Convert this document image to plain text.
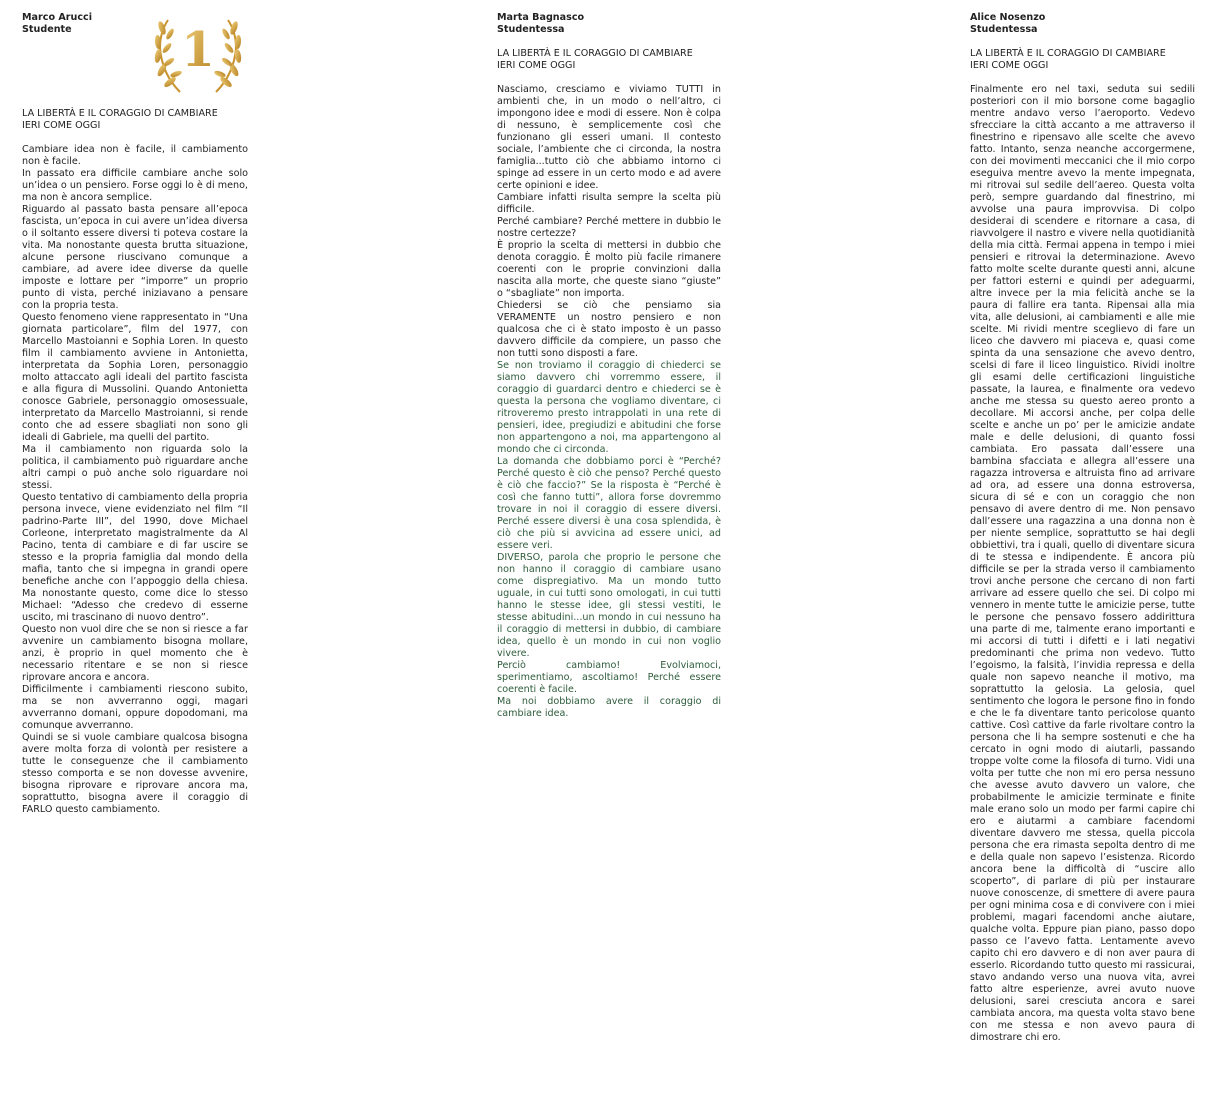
1
Marco Arucci
Studente
LA LIBERTÀ E IL CORAGGIO DI CAMBIARE
IERI COME OGGI

Cambiare idea non è facile, il cambiamento non è facile.

In passato era difficile cambiare anche solo un’idea o un pensiero. Forse oggi lo è di meno, ma non è ancora semplice.

Riguardo al passato basta pensare all’epoca fascista, un’epoca in cui avere un’idea diversa o il soltanto essere diversi ti poteva costare la vita. Ma nonostante questa brutta situazione, alcune persone riuscivano comunque a cambiare, ad avere idee diverse da quelle imposte e lottare per “imporre” un proprio punto di vista, perché iniziavano a pensare con la propria testa.

Questo fenomeno viene rappresentato in “Una giornata particolare”, film del 1977, con Marcello Mastoianni e Sophia Loren. In questo film il cambiamento avviene in Antonietta, interpretata da Sophia Loren, personaggio molto attaccato agli ideali del partito fascista e alla figura di Mussolini. Quando Antonietta conosce Gabriele, personaggio omosessuale, interpretato da Marcello Mastroianni, si rende conto che ad essere sbagliati non sono gli ideali di Gabriele, ma quelli del partito.

Ma il cambiamento non riguarda solo la politica, il cambiamento può riguardare anche altri campi o può anche solo riguardare noi stessi.

Questo tentativo di cambiamento della propria persona invece, viene evidenziato nel film “Il padrino-Parte III”, del 1990, dove Michael Corleone, interpretato magistralmente da Al Pacino, tenta di cambiare e di far uscire se stesso e la propria famiglia dal mondo della mafia, tanto che si impegna in grandi opere benefiche anche con l’appoggio della chiesa. Ma nonostante questo, come dice lo stesso Michael: “Adesso che credevo di esserne uscito, mi trascinano di nuovo dentro”.

Questo non vuol dire che se non si riesce a far avvenire un cambiamento bisogna mollare, anzi, è proprio in quel momento che è necessario ritentare e se non si riesce riprovare ancora e ancora.

Difficilmente i cambiamenti riescono subito, ma se non avverranno oggi, magari avverranno domani, oppure dopodomani, ma comunque avverranno.

Quindi se si vuole cambiare qualcosa bisogna avere molta forza di volontà per resistere a tutte le conseguenze che il cambiamento stesso comporta e se non dovesse avvenire, bisogna riprovare e riprovare ancora ma, soprattutto, bisogna avere il coraggio di FARLO questo cambiamento.

Marta Bagnasco
Studentessa
LA LIBERTÀ E IL CORAGGIO DI CAMBIARE
IERI COME OGGI

Nasciamo, cresciamo e viviamo TUTTI in ambienti che, in un modo o nell’altro, ci impongono idee e modi di essere. Non è colpa di nessuno, è semplicemente così che funzionano gli esseri umani. Il contesto sociale, l’ambiente che ci circonda, la nostra famiglia...tutto ciò che abbiamo intorno ci spinge ad essere in un certo modo e ad avere certe opinioni e idee.

Cambiare infatti risulta sempre la scelta più difficile.

Perché cambiare? Perché mettere in dubbio le nostre certezze?

È proprio la scelta di mettersi in dubbio che denota coraggio. È molto più facile rimanere coerenti con le proprie convinzioni dalla nascita alla morte, che queste siano “giuste” o “sbagliate” non importa.

Chiedersi se ciò che pensiamo sia VERAMENTE un nostro pensiero e non qualcosa che ci è stato imposto è un passo davvero difficile da compiere, un passo che non tutti sono disposti a fare.

Se non troviamo il coraggio di chiederci se siamo davvero chi vorremmo essere, il coraggio di guardarci dentro e chiederci se è questa la persona che vogliamo diventare, ci ritroveremo presto intrappolati in una rete di pensieri, idee, pregiudizi e abitudini che forse non appartengono a noi, ma appartengono al mondo che ci circonda.

La domanda che dobbiamo porci è “Perché? Perché questo è ciò che penso? Perché questo è ciò che faccio?” Se la risposta è “Perché è così che fanno tutti”, allora forse dovremmo trovare in noi il coraggio di essere diversi. Perché essere diversi è una cosa splendida, è ciò che più si avvicina ad essere unici, ad essere veri.

DIVERSO, parola che proprio le persone che non hanno il coraggio di cambiare usano come dispregiativo. Ma un mondo tutto uguale, in cui tutti sono omologati, in cui tutti hanno le stesse idee, gli stessi vestiti, le stesse abitudini...un mondo in cui nessuno ha il coraggio di mettersi in dubbio, di cambiare idea, quello è un mondo in cui non voglio vivere.

Perciò cambiamo! Evolviamoci, sperimentiamo, ascoltiamo! Perché essere coerenti è facile.

Ma noi dobbiamo avere il coraggio di cambiare idea.

Alice Nosenzo
Studentessa
LA LIBERTÀ E IL CORAGGIO DI CAMBIARE
IERI COME OGGI

Finalmente ero nel taxi, seduta sui sedili posteriori con il mio borsone come bagaglio mentre andavo verso l’aeroporto. Vedevo sfrecciare la città accanto a me attraverso il finestrino e ripensavo alle scelte che avevo fatto. Intanto, senza neanche accorgermene, con dei movimenti meccanici che il mio corpo eseguiva mentre avevo la mente impegnata, mi ritrovai sul sedile dell’aereo. Questa volta però, sempre guardando dal finestrino, mi avvolse una paura improvvisa. Di colpo desiderai di scendere e ritornare a casa, di riavvolgere il nastro e vivere nella quotidianità della mia città. Fermai appena in tempo i miei pensieri e ritrovai la determinazione. Avevo fatto molte scelte durante questi anni, alcune per fattori esterni e quindi per adeguarmi, altre invece per la mia felicità anche se la paura di fallire era tanta. Ripensai alla mia vita, alle delusioni, ai cambiamenti e alle mie scelte. Mi rividi mentre sceglievo di fare un liceo che davvero mi piaceva e, quasi come spinta da una sensazione che avevo dentro, scelsi di fare il liceo linguistico. Rividi inoltre gli esami delle certificazioni linguistiche passate, la laurea, e finalmente ora vedevo anche me stessa su questo aereo pronto a decollare. Mi accorsi anche, per colpa delle scelte e anche un po’ per le amicizie andate male e delle delusioni, di quanto fossi cambiata. Ero passata dall’essere una bambina sfacciata e allegra all’essere una ragazza introversa e altruista fino ad arrivare ad ora, ad essere una donna estroversa, sicura di sé e con un coraggio che non pensavo di avere dentro di me. Non pensavo dall’essere una ragazzina a una donna non è per niente semplice, soprattutto se hai degli obbiettivi, tra i quali, quello di diventare sicura di te stessa e indipendente. È ancora più difficile se per la strada verso il cambiamento trovi anche persone che cercano di non farti arrivare ad essere quello che sei. Di colpo mi vennero in mente tutte le amicizie perse, tutte le persone che pensavo fossero addirittura una parte di me, talmente erano importanti e mi accorsi di tutti i difetti e i lati negativi predominanti che prima non vedevo. Tutto l’egoismo, la falsità, l’invidia repressa e della quale non sapevo neanche il motivo, ma soprattutto la gelosia. La gelosia, quel sentimento che logora le persone fino in fondo e che le fa diventare tanto pericolose quanto cattive. Così cattive da farle rivoltare contro la persona che li ha sempre sostenuti e che ha cercato in ogni modo di aiutarli, passando troppe volte come la filosofa di turno. Vidi una volta per tutte che non mi ero persa nessuno che avesse avuto davvero un valore, che probabilmente le amicizie terminate e finite male erano solo un modo per farmi capire chi ero e aiutarmi a cambiare facendomi diventare davvero me stessa, quella piccola persona che era rimasta sepolta dentro di me e della quale non sapevo l’esistenza. Ricordo ancora bene la difficoltà di “uscire allo scoperto”, di parlare di più per instaurare nuove conoscenze, di smettere di avere paura per ogni minima cosa e di convivere con i miei problemi, magari facendomi anche aiutare, qualche volta. Eppure pian piano, passo dopo passo ce l’avevo fatta. Lentamente avevo capito chi ero davvero e di non aver paura di esserlo. Ricordando tutto questo mi rassicurai, stavo andando verso una nuova vita, avrei fatto altre esperienze, avrei avuto nuove delusioni, sarei cresciuta ancora e sarei cambiata ancora, ma questa volta stavo bene con me stessa e non avevo paura di dimostrare chi ero.
